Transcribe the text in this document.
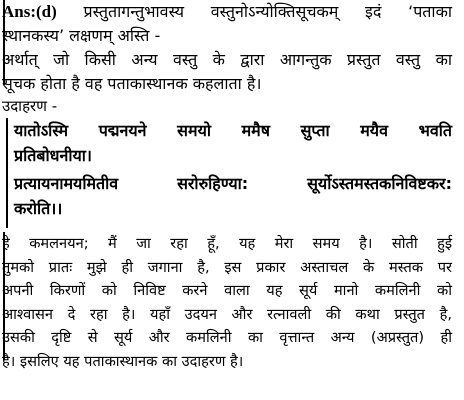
Ans:(d) प्रस्तुतागन्तुभावस्य वस्तुनोऽन्योक्तिसूचकम् इदं ‘पताका
स्थानकस्य’ लक्षणम् अस्ति -
अर्थात् जो किसी अन्य वस्तु के द्वारा आगन्तुक प्रस्तुत वस्तु का
सूचक होता है वह पताकास्थानक कहलाता है।
उदाहरण -
यातोऽस्मि पद्मनयने समयो ममैष सुप्ता मयैव भवति
प्रतिबोधनीया।
प्रत्यायनामयमितीव सरोरुहिण्या: सूर्योऽस्तमस्तकनिविष्टकर:
करोति।।
हे कमलनयन; मैं जा रहा हूँ, यह मेरा समय है। सोती हुई
तुमको प्रातः मुझे ही जगाना है, इस प्रकार अस्ताचल के मस्तक पर
अपनी किरणों को निविष्ट करने वाला यह सूर्य मानो कमलिनी को
आश्वासन दे रहा है। यहाँ उदयन और रत्नावली की कथा प्रस्तुत है,
उसकी दृष्टि से सूर्य और कमलिनी का वृत्तान्त अन्य (अप्रस्तुत) ही
है। इसलिए यह पताकास्थानक का उदाहरण है।
